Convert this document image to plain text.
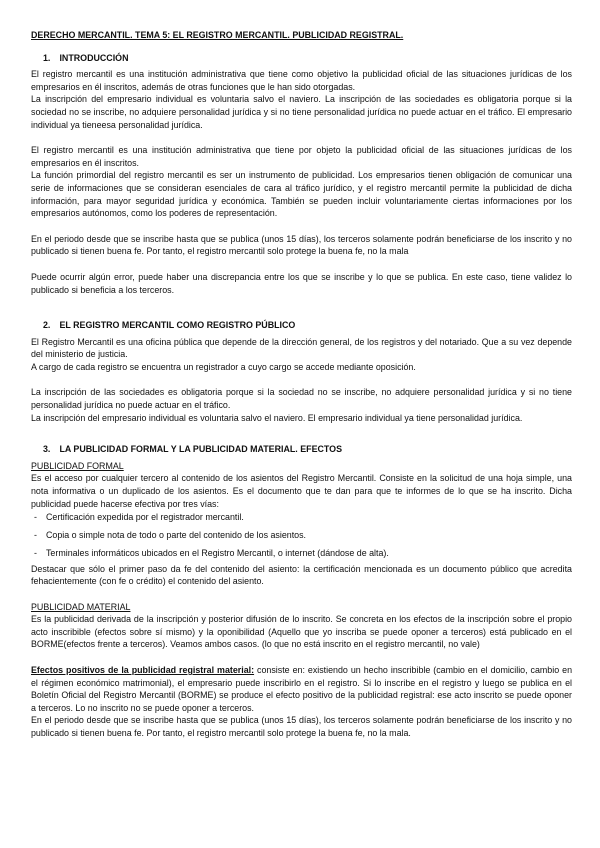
DERECHO MERCANTIL. TEMA 5: EL REGISTRO MERCANTIL. PUBLICIDAD REGISTRAL.
1. INTRODUCCIÓN

El registro mercantil es una institución administrativa que tiene como objetivo la publicidad oficial de las situaciones jurídicas de los empresarios en él inscritos, además de otras funciones que le han sido otorgadas.

La inscripción del empresario individual es voluntaria salvo el naviero. La inscripción de las sociedades es obligatoria porque si la sociedad no se inscribe, no adquiere personalidad jurídica y si no tiene personalidad jurídica no puede actuar en el tráfico. El empresario individual ya tieneesa personalidad jurídica.

El registro mercantil es una institución administrativa que tiene por objeto la publicidad oficial de las situaciones jurídicas de los empresarios en él inscritos.

La función primordial del registro mercantil es ser un instrumento de publicidad. Los empresarios tienen obligación de comunicar una serie de informaciones que se consideran esenciales de cara al tráfico jurídico, y el registro mercantil permite la publicidad de dicha información, para mayor seguridad jurídica y económica. También se pueden incluir voluntariamente ciertas informaciones por los empresarios autónomos, como los poderes de representación.

En el periodo desde que se inscribe hasta que se publica (unos 15 días), los terceros solamente podrán beneficiarse de los inscrito y no publicado si tienen buena fe. Por tanto, el registro mercantil solo protege la buena fe, no la mala

Puede ocurrir algún error, puede haber una discrepancia entre los que se inscribe y lo que se publica. En este caso, tiene validez lo publicado si beneficia a los terceros.

2. EL REGISTRO MERCANTIL COMO REGISTRO PÚBLICO

El Registro Mercantil es una oficina pública que depende de la dirección general, de los registros y del notariado. Que a su vez depende del ministerio de justicia.

A cargo de cada registro se encuentra un registrador a cuyo cargo se accede mediante oposición.

La inscripción de las sociedades es obligatoria porque si la sociedad no se inscribe, no adquiere personalidad jurídica y si no tiene personalidad jurídica no puede actuar en el tráfico.

La inscripción del empresario individual es voluntaria salvo el naviero. El empresario individual ya tiene personalidad jurídica.

3. LA PUBLICIDAD FORMAL Y LA PUBLICIDAD MATERIAL. EFECTOS
PUBLICIDAD FORMAL

Es el acceso por cualquier tercero al contenido de los asientos del Registro Mercantil. Consiste en la solicitud de una hoja simple, una nota informativa o un duplicado de los asientos. Es el documento que te dan para que te informes de lo que se ha inscrito. Dicha publicidad puede hacerse efectiva por tres vías:

- Certificación expedida por el registrador mercantil.
- Copia o simple nota de todo o parte del contenido de los asientos.
- Terminales informáticos ubicados en el Registro Mercantil, o internet (dándose de alta).

Destacar que sólo el primer paso da fe del contenido del asiento: la certificación mencionada es un documento público que acredita fehacientemente (con fe o crédito) el contenido del asiento.

PUBLICIDAD MATERIAL

Es la publicidad derivada de la inscripción y posterior difusión de lo inscrito. Se concreta en los efectos de la inscripción sobre el propio acto inscribible (efectos sobre sí mismo) y la oponibilidad (Aquello que yo inscriba se puede oponer a terceros) está publicado en el BORME(efectos frente a terceros). Veamos ambos casos. (lo que no está inscrito en el registro mercantil, no vale)

Efectos positivos de la publicidad registral material: consiste en: existiendo un hecho inscribible (cambio en el domicilio, cambio en el régimen económico matrimonial), el empresario puede inscribirlo en el registro. Si lo inscribe en el registro y luego se publica en el Boletín Oficial del Registro Mercantil (BORME) se produce el efecto positivo de la publicidad registral: ese acto inscrito se puede oponer a terceros. Lo no inscrito no se puede oponer a terceros.

En el periodo desde que se inscribe hasta que se publica (unos 15 días), los terceros solamente podrán beneficiarse de los inscrito y no publicado si tienen buena fe. Por tanto, el registro mercantil solo protege la buena fe, no la mala.
